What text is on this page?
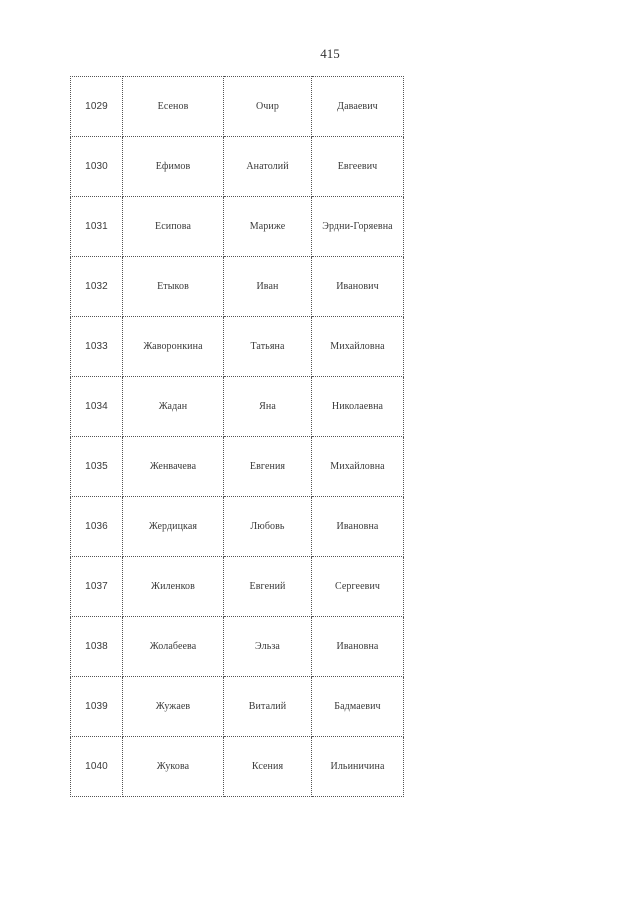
415
1029	Есенов	Очир	Даваевич
1030	Ефимов	Анатолий	Евгеевич
1031	Есипова	Мариже	Эрдни-Горяевна
1032	Етыков	Иван	Иванович
1033	Жаворонкина	Татьяна	Михайловна
1034	Жадан	Яна	Николаевна
1035	Женвачева	Евгения	Михайловна
1036	Жердицкая	Любовь	Ивановна
1037	Жиленков	Евгений	Сергеевич
1038	Жолабеева	Эльза	Ивановна
1039	Жужаев	Виталий	Бадмаевич
1040	Жукова	Ксения	Ильиничина
